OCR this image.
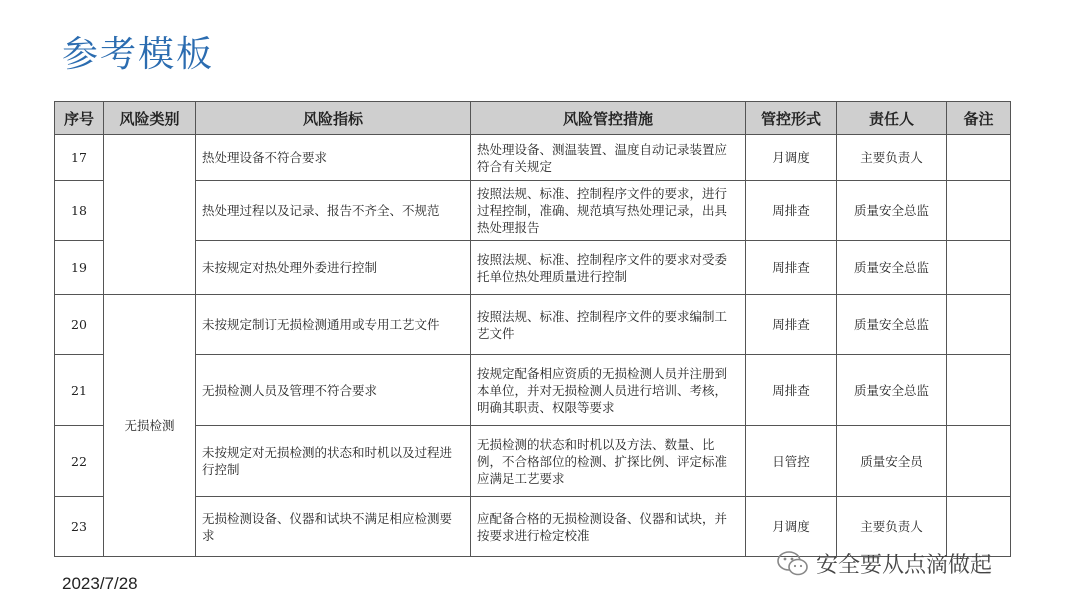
参考模板
序号	风险类别	风险指标	风险管控措施	管控形式	责任人	备注
17		热处理设备不符合要求	热处理设备、测温装置、温度自动记录装置应符合有关规定	月调度	主要负责人	
18		热处理过程以及记录、报告不齐全、不规范	按照法规、标准、控制程序文件的要求，进行过程控制，准确、规范填写热处理记录，出具热处理报告	周排查	质量安全总监	
19		未按规定对热处理外委进行控制	按照法规、标准、控制程序文件的要求对受委托单位热处理质量进行控制	周排查	质量安全总监	
20	无损检测	未按规定制订无损检测通用或专用工艺文件	按照法规、标准、控制程序文件的要求编制工艺文件	周排查	质量安全总监	
21		无损检测人员及管理不符合要求	按规定配备相应资质的无损检测人员并注册到本单位，并对无损检测人员进行培训、考核，明确其职责、权限等要求	周排查	质量安全总监	
22		未按规定对无损检测的状态和时机以及过程进行控制	无损检测的状态和时机以及方法、数量、比例，不合格部位的检测、扩探比例、评定标准应满足工艺要求	日管控	质量安全员	
23		无损检测设备、仪器和试块不满足相应检测要求	应配备合格的无损检测设备、仪器和试块，并按要求进行检定校准	月调度	主要负责人	
2023/7/28
安全要从点滴做起
